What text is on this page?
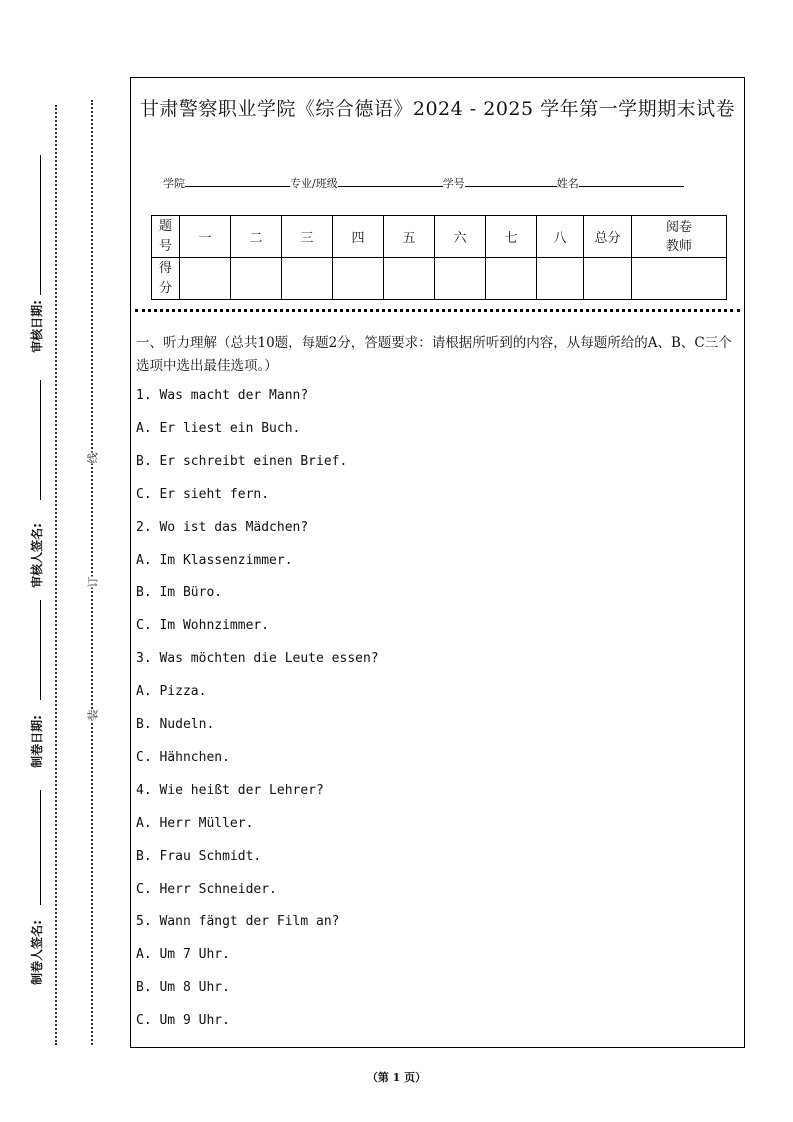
审核日期:
审核人签名:
制卷日期:
制卷人签名:
线
订
装
甘肃警察职业学院《综合德语》2024 - 2025 学年第一学期期末试卷
学院	专业/班级	学号	姓名
题号	一	二	三	四	五	六	七	八	总分	阅卷教师
得分										
一、听力理解（总共10题，每题2分，答题要求：请根据所听到的内容，从每题所给的A、B、C三个选项中选出最佳选项。）
1. Was macht der Mann?
A. Er liest ein Buch.
B. Er schreibt einen Brief.
C. Er sieht fern.
2. Wo ist das Mädchen?
A. Im Klassenzimmer.
B. Im Büro.
C. Im Wohnzimmer.
3. Was möchten die Leute essen?
A. Pizza.
B. Nudeln.
C. Hähnchen.
4. Wie heißt der Lehrer?
A. Herr Müller.
B. Frau Schmidt.
C. Herr Schneider.
5. Wann fängt der Film an?
A. Um 7 Uhr.
B. Um 8 Uhr.
C. Um 9 Uhr.
（第 1 页）
